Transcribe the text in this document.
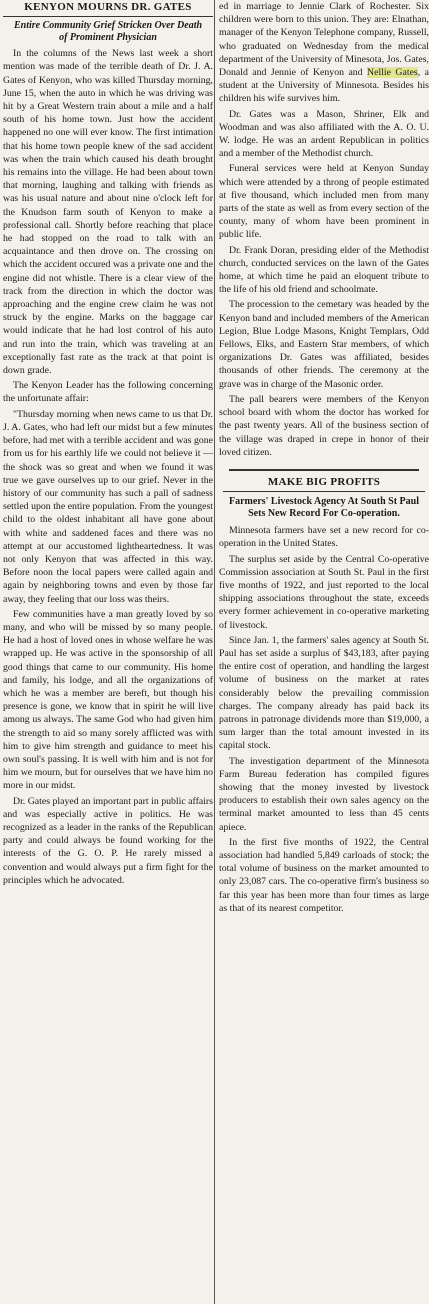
KENYON MOURNS DR. GATES
Entire Community Grief Stricken Over Death of Prominent Physician

In the columns of the News last week a short mention was made of the terrible death of Dr. J. A. Gates of Kenyon, who was killed Thursday morning, June 15, when the auto in which he was driving was hit by a Great Western train about a mile and a half south of his home town. Just how the accident happened no one will ever know. The first intimation that his home town people knew of the sad accident was when the train which caused his death brought his remains into the village. He had been about town that morning, laughing and talking with friends as was his usual nature and about nine o'clock left for the Knudson farm south of Kenyon to make a professional call. Shortly before reaching that place he had stopped on the road to talk with an acquaintance and then drove on. The crossing on which the accident occured was a private one and the engine did not whistle. There is a clear view of the track from the direction in which the doctor was approaching and the engine crew claim he was not struck by the engine. Marks on the baggage car would indicate that he had lost control of his auto and run into the train, which was traveling at an exceptionally fast rate as the track at that point is down grade.

The Kenyon Leader has the following concerning the unfortunate affair:

"Thursday morning when news came to us that Dr. J. A. Gates, who had left our midst but a few minutes before, had met with a terrible accident and was gone from us for his earthly life we could not believe it —the shock was so great and when we found it was true we gave ourselves up to our grief. Never in the history of our community has such a pall of sadness settled upon the entire population. From the youngest child to the oldest inhabitant all have gone about with white and saddened faces and there was no attempt at our accustomed lightheartedness. It was not only Kenyon that was affected in this way. Before noon the local papers were called again and again by neighboring towns and even by those far away, they feeling that our loss was theirs.

Few communities have a man greatly loved by so many, and who will be missed by so many people. He had a host of loved ones in whose welfare he was wrapped up. He was active in the sponsorship of all good things that came to our community. His home and family, his lodge, and all the organizations of which he was a member are bereft, but though his presence is gone, we know that in spirit he will live among us always. The same God who had given him the strength to aid so many sorely afflicted was with him to give him strength and guidance to meet his own soul's passing. It is well with him and is not for him we mourn, but for ourselves that we have him no more in our midst.

Dr. Gates played an important part in public affairs and was especially active in politics. He was recognized as a leader in the ranks of the Republican party and could always be found working for the interests of the G. O. P. He rarely missed a convention and would always put a firm fight for the principles which he advocated.

ed in marriage to Jennie Clark of Rochester. Six children were born to this union. They are: Elnathan, manager of the Kenyon Telephone company, Russell, who graduated on Wednesday from the medical department of the University of Minesota, Jos. Gates, Donald and Jennie of Kenyon and Nellie Gates, a student at the University of Minnesota. Besides his children his wife survives him.

Dr. Gates was a Mason, Shriner, Elk and Woodman and was also affiliated with the A. O. U. W. lodge. He was an ardent Republican in politics and a member of the Methodist church.

Funeral services were held at Kenyon Sunday which were attended by a throng of people estimated at five thousand, which included men from many parts of the state as well as from every section of the county, many of whom have been prominent in public life.

Dr. Frank Doran, presiding elder of the Methodist church, conducted services on the lawn of the Gates home, at which time he paid an eloquent tribute to the life of his old friend and schoolmate.

The procession to the cemetary was headed by the Kenyon band and included members of the American Legion, Blue Lodge Masons, Knight Templars, Odd Fellows, Elks, and Eastern Star members, of which organizations Dr. Gates was affiliated, besides thousands of other friends. The ceremony at the grave was in charge of the Masonic order.

The pall bearers were members of the Kenyon school board with whom the doctor has worked for the past twenty years. All of the business section of the village was draped in crepe in honor of their loved citizen.

MAKE BIG PROFITS
Farmers' Livestock Agency At South St Paul Sets New Record For Co-operation.

Minnesota farmers have set a new record for co-operation in the United States.

The surplus set aside by the Central Co-operative Commission association at South St. Paul in the first five months of 1922, and just reported to the local shipping associations throughout the state, exceeds every former achievement in co-operative marketing of livestock.

Since Jan. 1, the farmers' sales agency at South St. Paul has set aside a surplus of $43,183, after paying the entire cost of operation, and handling the largest volume of business on the market at rates considerably below the prevailing commission charges. The company already has paid back its patrons in patronage dividends more than $19,000, a sum larger than the total amount invested in its capital stock.

The investigation department of the Minnesota Farm Bureau federation has compiled figures showing that the money invested by livestock producers to establish their own sales agency on the terminal market amounted to less than 45 cents apiece.

In the first five months of 1922, the Central association had handled 5,849 carloads of stock; the total volume of business on the market amounted to only 23,087 cars. The co-operative firm's business so far this year has been more than four times as large as that of its nearest competitor.
